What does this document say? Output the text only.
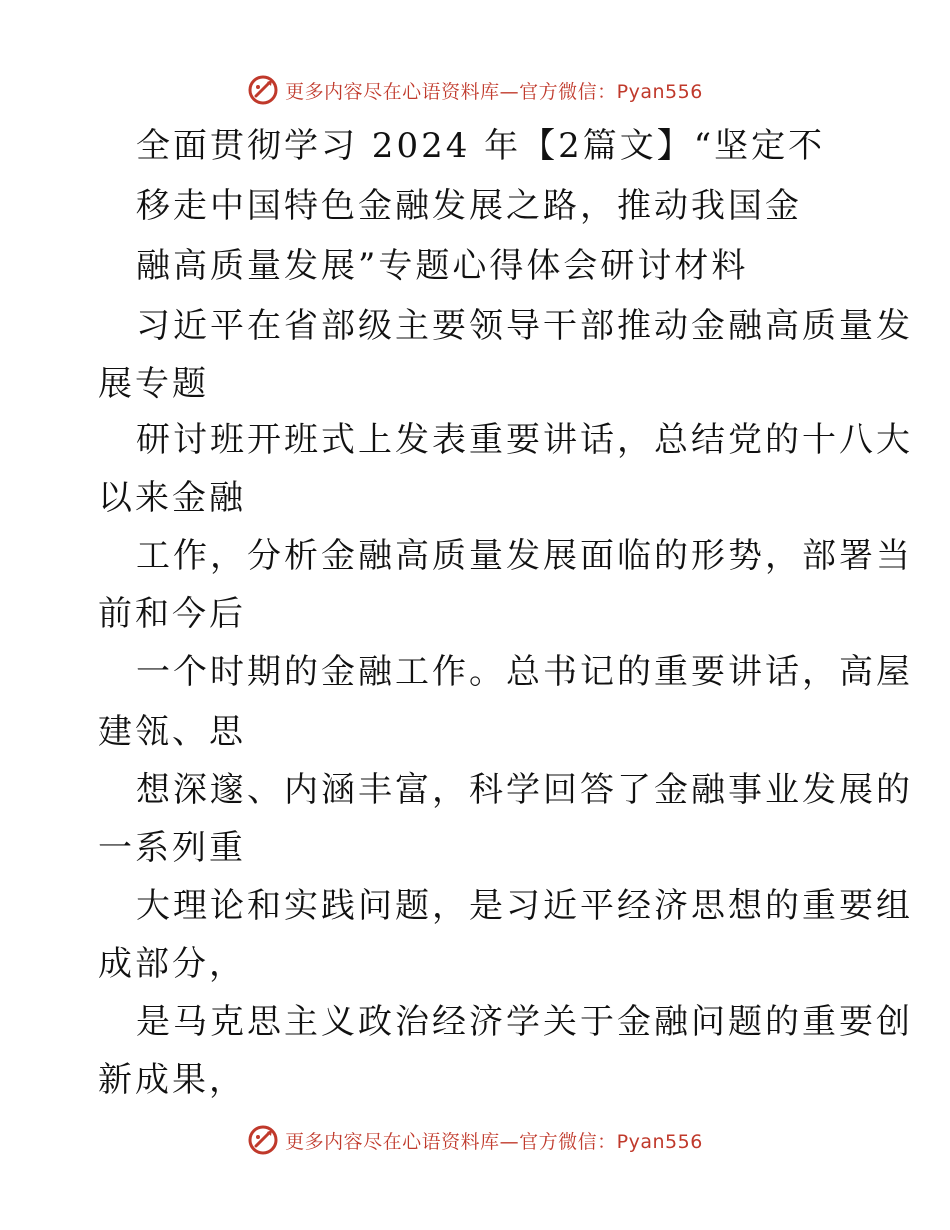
更多内容尽在心语资料库—官方微信：Pyan556
全面贯彻学习 2024 年【2篇文】“坚定不
移走中国特色金融发展之路，推动我国金
融高质量发展”专题心得体会研讨材料
习近平在省部级主要领导干部推动金融高质量发
展专题
研讨班开班式上发表重要讲话，总结党的十八大
以来金融
工作，分析金融高质量发展面临的形势，部署当
前和今后
一个时期的金融工作。总书记的重要讲话，高屋
建瓴、思
想深邃、内涵丰富，科学回答了金融事业发展的
一系列重
大理论和实践问题，是习近平经济思想的重要组
成部分，
是马克思主义政治经济学关于金融问题的重要创
新成果，
更多内容尽在心语资料库—官方微信：Pyan556
